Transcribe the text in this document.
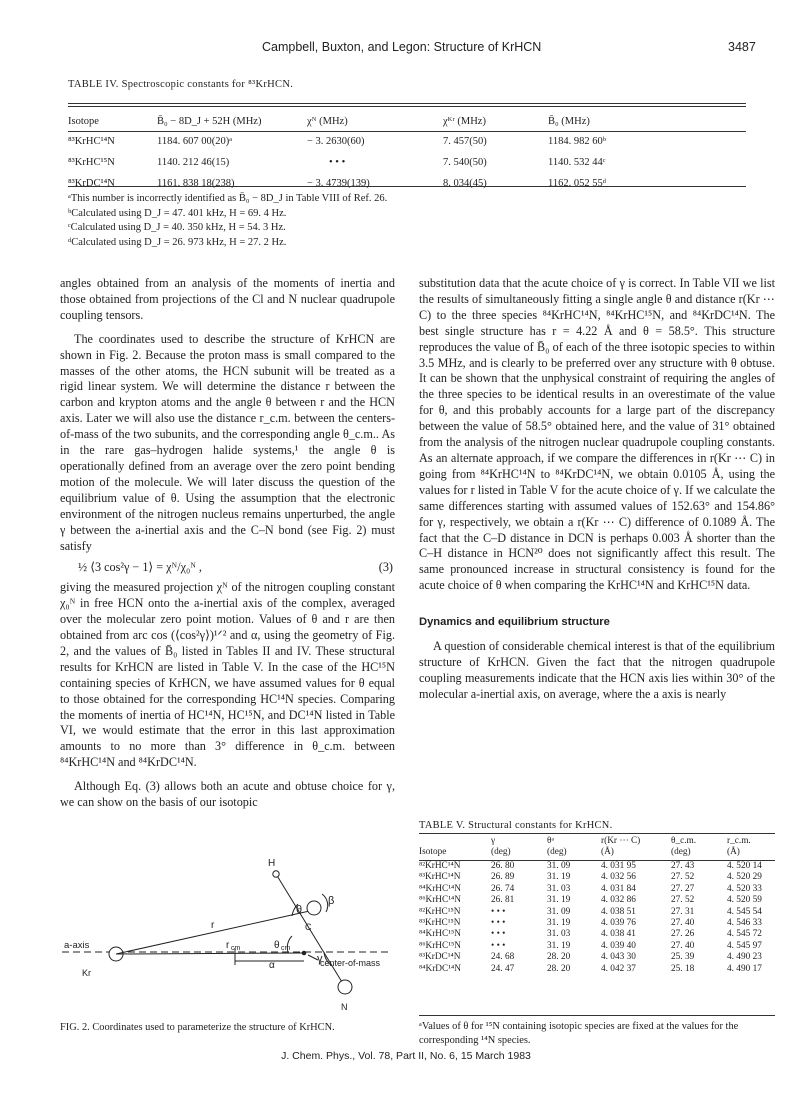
Campbell, Buxton, and Legon: Structure of KrHCN	3487
TABLE IV. Spectroscopic constants for ⁸³KrHCN.
Isotope	B̄₀ − 8D_J + 52H (MHz)	χᴺ (MHz)	χᴷʳ (MHz)	B̄₀ (MHz)
⁸³KrHC¹⁴N	1184. 607 00(20)ᵃ	− 3. 2630(60)	7. 457(50)	1184. 982 60ᵇ
⁸³KrHC¹⁵N	1140. 212 46(15)	• • •	7. 540(50)	1140. 532 44ᶜ
⁸³KrDC¹⁴N	1161. 838 18(238)	− 3. 4739(139)	8. 034(45)	1162. 052 55ᵈ
ᵃThis number is incorrectly identified as B̄₀ − 8D_J in Table VIII of Ref. 26.
ᵇCalculated using D_J = 47. 401 kHz, H = 69. 4 Hz.
ᶜCalculated using D_J = 40. 350 kHz, H = 54. 3 Hz.
ᵈCalculated using D_J = 26. 973 kHz, H = 27. 2 Hz.

angles obtained from an analysis of the moments of inertia and those obtained from projections of the Cl and N nuclear quadrupole coupling tensors.

The coordinates used to describe the structure of KrHCN are shown in Fig. 2. Because the proton mass is small compared to the masses of the other atoms, the HCN subunit will be treated as a rigid linear system. We will determine the distance r between the carbon and krypton atoms and the angle θ between r and the HCN axis. Later we will also use the distance r_c.m. between the centers-of-mass of the two subunits, and the corresponding angle θ_c.m.. As in the rare gas–hydrogen halide systems,¹ the angle θ is operationally defined from an average over the zero point bending motion of the molecule. We will later discuss the question of the equilibrium value of θ. Using the assumption that the electronic environment of the nitrogen nucleus remains unperturbed, the angle γ between the a-inertial axis and the C–N bond (see Fig. 2) must satisfy

½ ⟨3 cos²γ − 1⟩ = χᴺ/χ₀ᴺ ,	(3)

giving the measured projection χᴺ of the nitrogen coupling constant χ₀ᴺ in free HCN onto the a-inertial axis of the complex, averaged over the molecular zero point motion. Values of θ and r are then obtained from arc cos (⟨cos²γ⟩)¹ᐟ² and α, using the geometry of Fig. 2, and the values of B̄₀ listed in Tables II and IV. These structural results for KrHCN are listed in Table V. In the case of the HC¹⁵N containing species of KrHCN, we have assumed values for θ equal to those obtained for the corresponding HC¹⁴N species. Comparing the moments of inertia of HC¹⁴N, HC¹⁵N, and DC¹⁴N listed in Table VI, we would estimate that the error in this last approximation amounts to no more than 3° difference in θ_c.m. between ⁸⁴KrHC¹⁴N and ⁸⁴KrDC¹⁴N.

Although Eq. (3) allows both an acute and obtuse choice for γ, we can show on the basis of our isotopic

substitution data that the acute choice of γ is correct. In Table VII we list the results of simultaneously fitting a single angle θ and distance r(Kr ⋯ C) to the three species ⁸⁴KrHC¹⁴N, ⁸⁴KrHC¹⁵N, and ⁸⁴KrDC¹⁴N. The best single structure has r = 4.22 Å and θ = 58.5°. This structure reproduces the value of B̄₀ of each of the three isotopic species to within 3.5 MHz, and is clearly to be preferred over any structure with θ obtuse. It can be shown that the unphysical constraint of requiring the angles of the three species to be identical results in an overestimate of the value for θ, and this probably accounts for a large part of the discrepancy between the value of 58.5° obtained here, and the value of 31° obtained from the analysis of the nitrogen nuclear quadrupole coupling constants. As an alternate approach, if we compare the differences in r(Kr ⋯ C) in going from ⁸⁴KrHC¹⁴N to ⁸⁴KrDC¹⁴N, we obtain 0.0105 Å, using the values for r listed in Table V for the acute choice of γ. If we calculate the same differences starting with assumed values of 152.63° and 154.86° for γ, respectively, we obtain a r(Kr ⋯ C) difference of 0.1089 Å. The fact that the C–D distance in DCN is perhaps 0.003 Å shorter than the C–H distance in HCN²⁰ does not significantly affect this result. The same pronounced increase in structural consistency is found for the acute choice of θ when comparing the KrHC¹⁴N and KrHC¹⁵N data.

Dynamics and equilibrium structure

A question of considerable chemical interest is that of the equilibrium structure of KrHCN. Given the fact that the nitrogen quadrupole coupling measurements indicate that the HCN axis lies within 30° of the molecular a-inertial axis, on average, where the a axis is nearly

a-axis
H
C
N
Kr
r
r cm
θ
β
θ cm
γ
α	center-of-mass
FIG. 2. Coordinates used to parameterize the structure of KrHCN.
TABLE V. Structural constants for KrHCN.
	γ	θᵃ	r(Kr ⋯ C)	θ_c.m.	r_c.m.
Isotope	(deg)	(deg)	(Å)	(deg)	(Å)

⁸²KrHC¹⁴N	26. 80	31. 09	4. 031 95	27. 43	4. 520 14
⁸³KrHC¹⁴N	26. 89	31. 19	4. 032 56	27. 52	4. 520 29
⁸⁴KrHC¹⁴N	26. 74	31. 03	4. 031 84	27. 27	4. 520 33
⁸⁶KrHC¹⁴N	26. 81	31. 19	4. 032 86	27. 52	4. 520 59
⁸²KrHC¹⁵N	• • •	31. 09	4. 038 51	27. 31	4. 545 54
⁸³KrHC¹⁵N	• • •	31. 19	4. 039 76	27. 40	4. 546 33
⁸⁴KrHC¹⁵N	• • •	31. 03	4. 038 41	27. 26	4. 545 72
⁸⁶KrHC¹⁵N	• • •	31. 19	4. 039 40	27. 40	4. 545 97
⁸³KrDC¹⁴N	24. 68	28. 20	4. 043 30	25. 39	4. 490 23
⁸⁴KrDC¹⁴N	24. 47	28. 20	4. 042 37	25. 18	4. 490 17
ᵃValues of θ for ¹⁵N containing isotopic species are fixed at the values for the corresponding ¹⁴N species.
J. Chem. Phys., Vol. 78, Part II, No. 6, 15 March 1983
